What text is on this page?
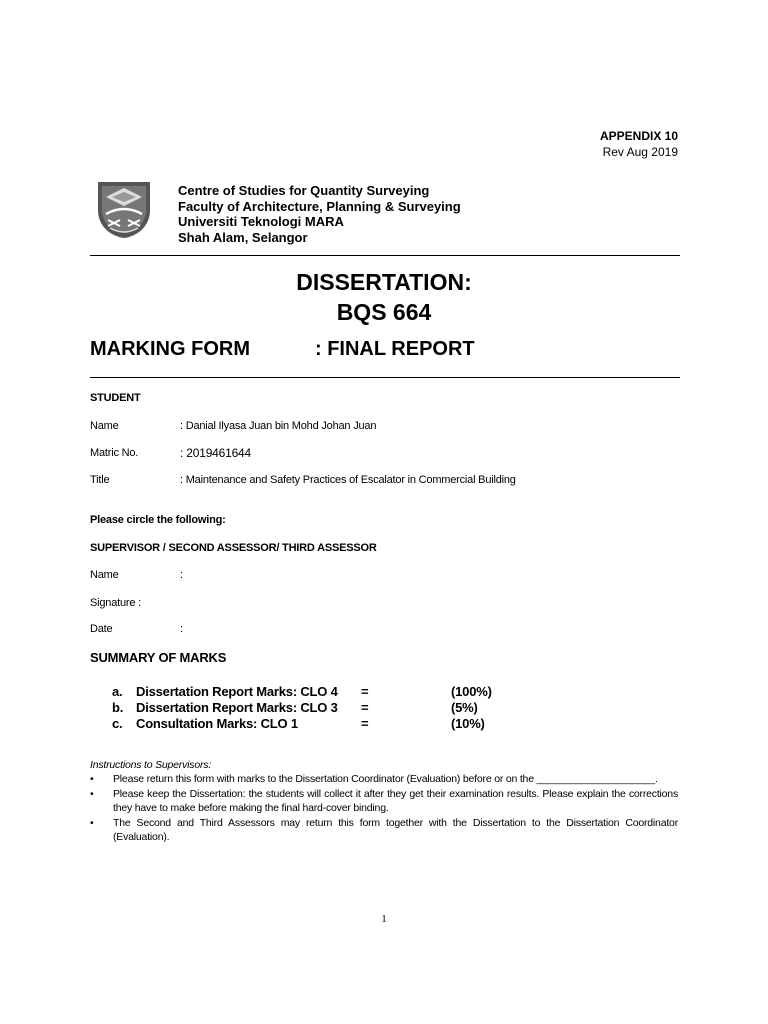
APPENDIX 10
Rev Aug 2019
Centre of Studies for Quantity Surveying
Faculty of Architecture, Planning & Surveying
Universiti Teknologi MARA
Shah Alam, Selangor
DISSERTATION:
BQS 664
MARKING FORM	: FINAL REPORT
STUDENT
Name	: Danial Ilyasa Juan bin Mohd Johan Juan
Matric No.	: 2019461644
Title	: Maintenance and Safety Practices of Escalator in Commercial Building
Please circle the following:
SUPERVISOR / SECOND ASSESSOR/ THIRD ASSESSOR
Name	:
Signature :
Date	:
SUMMARY OF MARKS
a. Dissertation Report Marks: CLO 4 =	(100%)
b. Dissertation Report Marks: CLO 3 =	(5%)
c. Consultation Marks: CLO 1	=	(10%)
Instructions to Supervisors:
• Please return this form with marks to the Dissertation Coordinator (Evaluation) before or on the _____________________.
• Please keep the Dissertation: the students will collect it after they get their examination results. Please explain the corrections they have to make before making the final hard-cover binding.
• The Second and Third Assessors may return this form together with the Dissertation to the Dissertation Coordinator (Evaluation).
1
